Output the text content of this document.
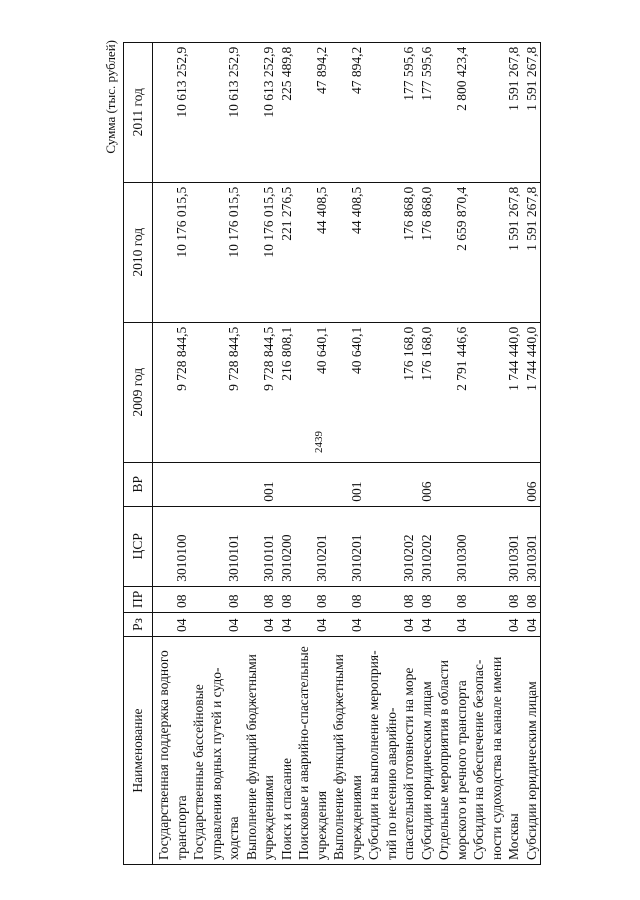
2439
Сумма (тыс. рублей)
Наименование	Рз	ПР	ЦСР	ВР	2009 год	2010 год	2011 год
Государственная поддержка водного транспорта	04	08	3010100		9 728 844,5	10 176 015,5	10 613 252,9
Государственные бассейновые управления водных путей и судо-ходства	04	08	3010101		9 728 844,5	10 176 015,5	10 613 252,9
Выполнение функций бюджетными учреждениями	04	08	3010101	001	9 728 844,5	10 176 015,5	10 613 252,9
Поиск и спасание	04	08	3010200		216 808,1	221 276,5	225 489,8
Поисковые и аварийно-спасательные учреждения	04	08	3010201		40 640,1	44 408,5	47 894,2
Выполнение функций бюджетными учреждениями	04	08	3010201	001	40 640,1	44 408,5	47 894,2
Субсидии на выполнение мероприя-тий по несению аварийно-спасательной готовности на море	04	08	3010202		176 168,0	176 868,0	177 595,6
Субсидии юридическим лицам	04	08	3010202	006	176 168,0	176 868,0	177 595,6
Отдельные мероприятия в области морского и речного транспорта	04	08	3010300		2 791 446,6	2 659 870,4	2 800 423,4
Субсидии на обеспечение безопас-ности судоходства на канале имени Москвы	04	08	3010301		1 744 440,0	1 591 267,8	1 591 267,8
Субсидии юридическим лицам	04	08	3010301	006	1 744 440,0	1 591 267,8	1 591 267,8
